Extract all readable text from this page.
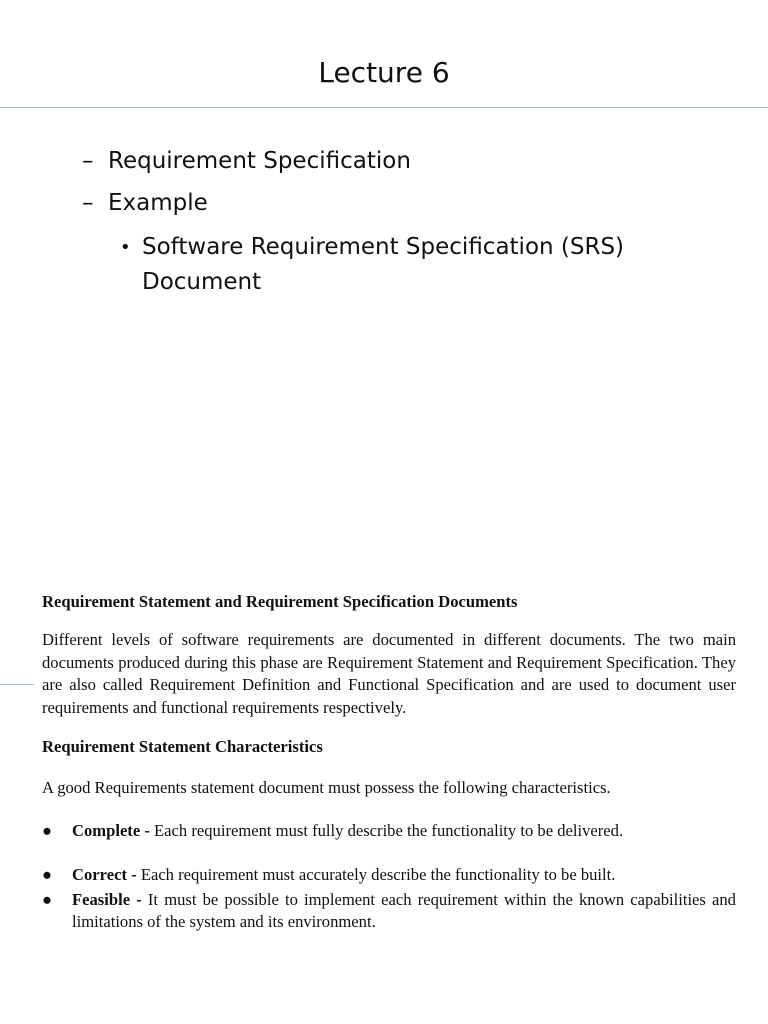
Lecture 6
– Requirement Specification
– Example
• Software Requirement Specification (SRS) Document
Requirement Statement and Requirement Specification Documents

Different levels of software requirements are documented in different documents. The two main documents produced during this phase are Requirement Statement and Requirement Specification. They are also called Requirement Definition and Functional Specification and are used to document user requirements and functional requirements respectively.

Requirement Statement Characteristics

A good Requirements statement document must possess the following characteristics.

●	Complete - Each requirement must fully describe the functionality to be delivered.
●	Correct - Each requirement must accurately describe the functionality to be built.
●	Feasible - It must be possible to implement each requirement within the known capabilities and limitations of the system and its environment.
